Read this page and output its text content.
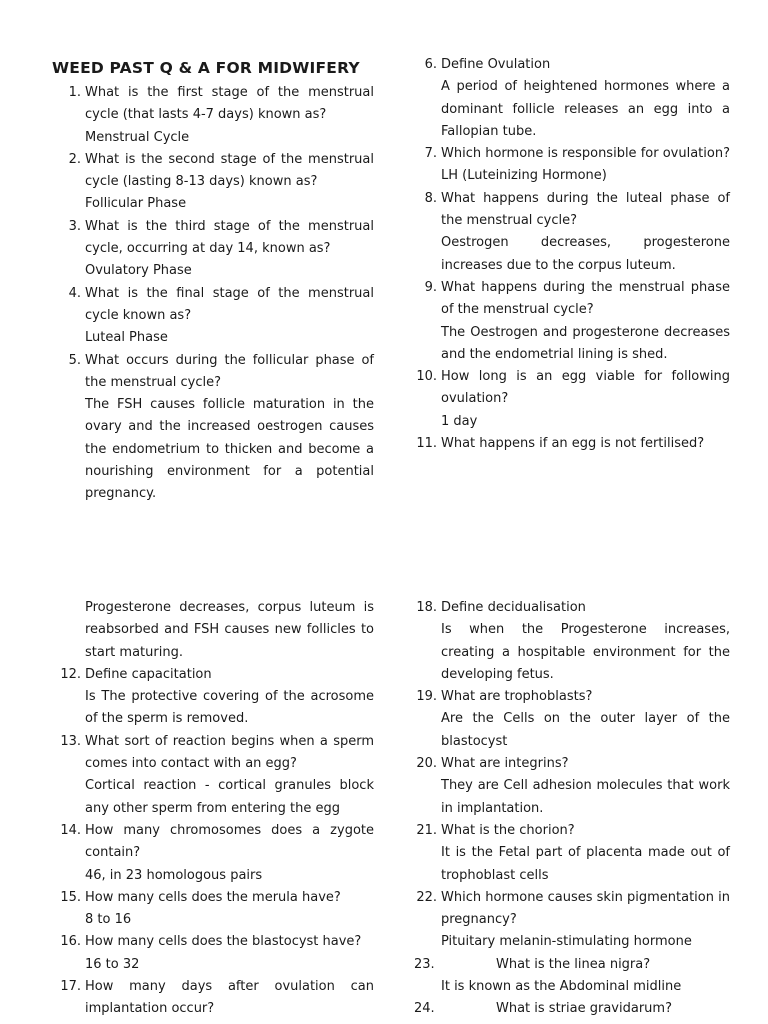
WEED PAST Q & A FOR MIDWIFERY
1. What is the first stage of the menstrual cycle (that lasts 4-7 days) known as?
Menstrual Cycle
2. What is the second stage of the menstrual cycle (lasting 8-13 days) known as?
Follicular Phase
3. What is the third stage of the menstrual cycle, occurring at day 14, known as?
Ovulatory Phase
4. What is the final stage of the menstrual cycle known as?
Luteal Phase
5. What occurs during the follicular phase of the menstrual cycle?
The FSH causes follicle maturation in the ovary and the increased oestrogen causes the endometrium to thicken and become a nourishing environment for a potential pregnancy.
6. Define Ovulation
A period of heightened hormones where a dominant follicle releases an egg into a Fallopian tube.
7. Which hormone is responsible for ovulation?
LH (Luteinizing Hormone)
8. What happens during the luteal phase of the menstrual cycle?
Oestrogen decreases, progesterone increases due to the corpus luteum.
9. What happens during the menstrual phase of the menstrual cycle?
The Oestrogen and progesterone decreases and the endometrial lining is shed.
10. How long is an egg viable for following ovulation?
1 day
11. What happens if an egg is not fertilised?
Progesterone decreases, corpus luteum is reabsorbed and FSH causes new follicles to start maturing.
12. Define capacitation
Is The protective covering of the acrosome of the sperm is removed.
13. What sort of reaction begins when a sperm comes into contact with an egg?
Cortical reaction - cortical granules block any other sperm from entering the egg
14. How many chromosomes does a zygote contain?
46, in 23 homologous pairs
15. How many cells does the merula have?
8 to 16
16. How many cells does the blastocyst have?
16 to 32
17. How many days after ovulation can implantation occur?
18. Define decidualisation
Is when the Progesterone increases, creating a hospitable environment for the developing fetus.
19. What are trophoblasts?
Are the Cells on the outer layer of the blastocyst
20. What are integrins?
They are Cell adhesion molecules that work in implantation.
21. What is the chorion?
It is the Fetal part of placenta made out of trophoblast cells
22. Which hormone causes skin pigmentation in pregnancy?
Pituitary melanin-stimulating hormone
23.	What is the linea nigra?
It is known as the Abdominal midline
24.	What is striae gravidarum?
